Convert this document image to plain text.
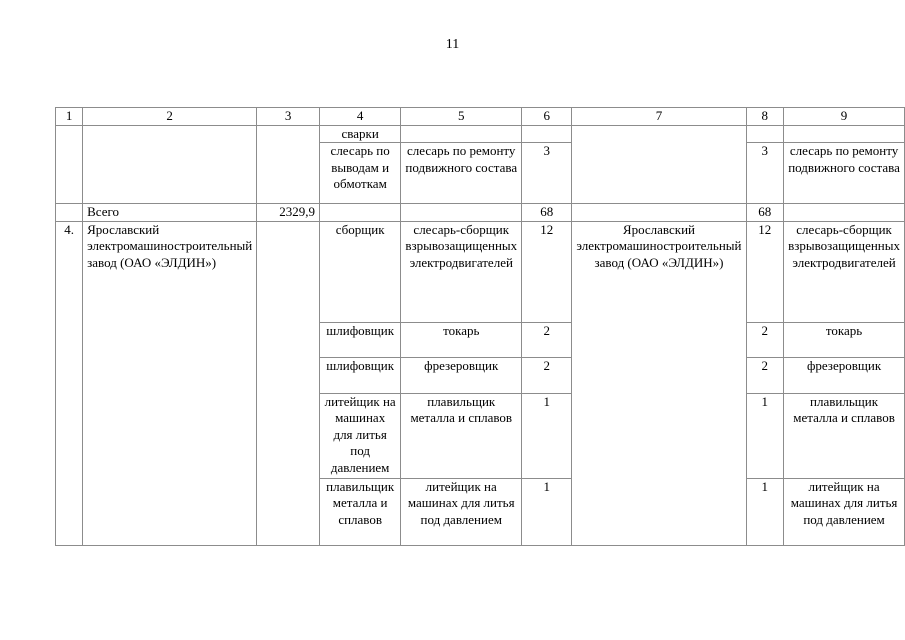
11
1	2	3	4	5	6	7	8	9
			сварки					
			слесарь по выводам и обмоткам	слесарь по ремонту подвижного состава	3		3	слесарь по ремонту подвижного состава
	Всего	2329,9			68		68	
4.	Ярославский электромашиностроительный завод (ОАО «ЭЛДИН»)		сборщик	слесарь-сборщик взрывозащищенных электродвигателей	12	Ярославский электромашиностроительный завод (ОАО «ЭЛДИН»)	12	слесарь-сборщик взрывозащищенных электродвигателей
			шлифовщик	токарь	2		2	токарь
			шлифовщик	фрезеровщик	2		2	фрезеровщик
			литейщик на машинах для литья под давлением	плавильщик металла и сплавов	1		1	плавильщик металла и сплавов
			плавильщик металла и сплавов	литейщик на машинах для литья под давлением	1		1	литейщик на машинах для литья под давлением
